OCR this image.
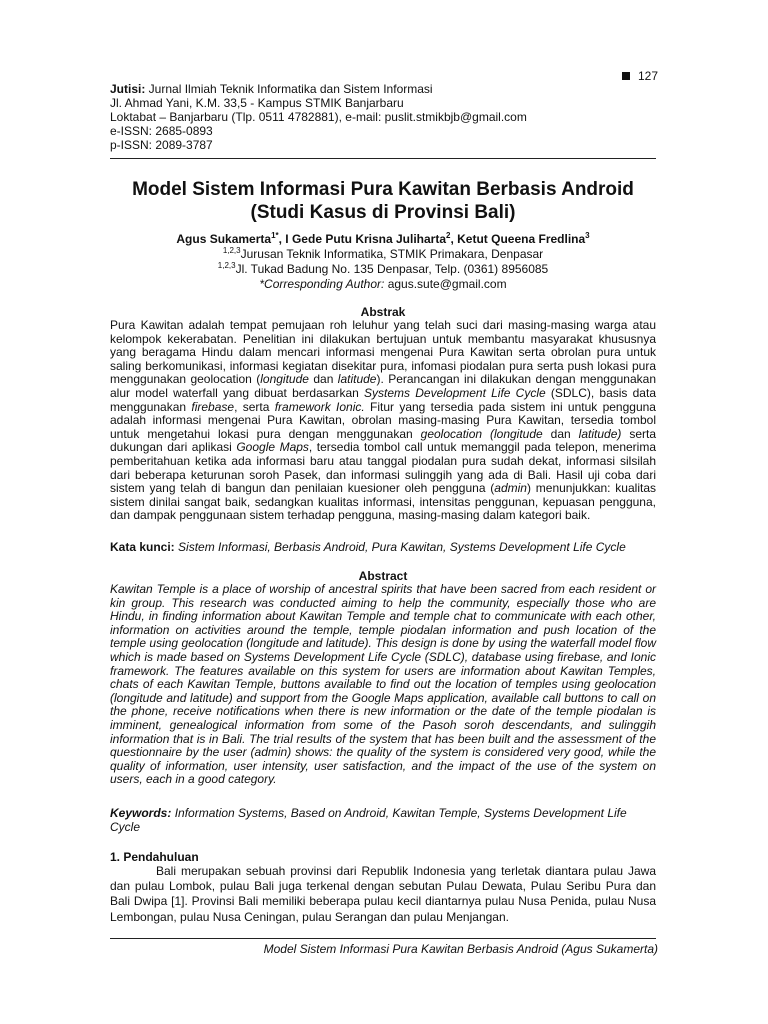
127
Jutisi: Jurnal Ilmiah Teknik Informatika dan Sistem Informasi
Jl. Ahmad Yani, K.M. 33,5 - Kampus STMIK Banjarbaru
Loktabat – Banjarbaru (Tlp. 0511 4782881), e-mail: puslit.stmikbjb@gmail.com
e-ISSN: 2685-0893
p-ISSN: 2089-3787
Model Sistem Informasi Pura Kawitan Berbasis Android
(Studi Kasus di Provinsi Bali)
Agus Sukamerta$^{1*}$, I Gede Putu Krisna Juliharta$^2$, Ketut Queena Fredlina$^3$
$^{1,2,3}$Jurusan Teknik Informatika, STMIK Primakara, Denpasar
$^{1,2,3}$Jl. Tukad Badung No. 135 Denpasar, Telp. (0361) 8956085
*Corresponding Author: agus.sute@gmail.com
Abstrak
Pura Kawitan adalah tempat pemujaan roh leluhur yang telah suci dari masing-masing warga atau kelompok kekerabatan. Penelitian ini dilakukan bertujuan untuk membantu masyarakat khususnya yang beragama Hindu dalam mencari informasi mengenai Pura Kawitan serta obrolan pura untuk saling berkomunikasi, informasi kegiatan disekitar pura, infomasi piodalan pura serta push lokasi pura menggunakan geolocation (longitude dan latitude). Perancangan ini dilakukan dengan menggunakan alur model waterfall yang dibuat berdasarkan Systems Development Life Cycle (SDLC), basis data menggunakan firebase, serta framework Ionic. Fitur yang tersedia pada sistem ini untuk pengguna adalah informasi mengenai Pura Kawitan, obrolan masing-masing Pura Kawitan, tersedia tombol untuk mengetahui lokasi pura dengan menggunakan geolocation (longitude dan latitude) serta dukungan dari aplikasi Google Maps, tersedia tombol call untuk memanggil pada telepon, menerima pemberitahuan ketika ada informasi baru atau tanggal piodalan pura sudah dekat, informasi silsilah dari beberapa keturunan soroh Pasek, dan informasi sulinggih yang ada di Bali. Hasil uji coba dari sistem yang telah di bangun dan penilaian kuesioner oleh pengguna (admin) menunjukkan: kualitas sistem dinilai sangat baik, sedangkan kualitas informasi, intensitas penggunan, kepuasan pengguna, dan dampak penggunaan sistem terhadap pengguna, masing-masing dalam kategori baik.
Kata kunci: Sistem Informasi, Berbasis Android, Pura Kawitan, Systems Development Life Cycle
Abstract
Kawitan Temple is a place of worship of ancestral spirits that have been sacred from each resident or kin group. This research was conducted aiming to help the community, especially those who are Hindu, in finding information about Kawitan Temple and temple chat to communicate with each other, information on activities around the temple, temple piodalan information and push location of the temple using geolocation (longitude and latitude). This design is done by using the waterfall model flow which is made based on Systems Development Life Cycle (SDLC), database using firebase, and Ionic framework. The features available on this system for users are information about Kawitan Temples, chats of each Kawitan Temple, buttons available to find out the location of temples using geolocation (longitude and latitude) and support from the Google Maps application, available call buttons to call on the phone, receive notifications when there is new information or the date of the temple piodalan is imminent, genealogical information from some of the Pasoh soroh descendants, and sulinggih information that is in Bali. The trial results of the system that has been built and the assessment of the questionnaire by the user (admin) shows: the quality of the system is considered very good, while the quality of information, user intensity, user satisfaction, and the impact of the use of the system on users, each in a good category.
Keywords: Information Systems, Based on Android, Kawitan Temple, Systems Development Life Cycle
1. Pendahuluan
Bali merupakan sebuah provinsi dari Republik Indonesia yang terletak diantara pulau Jawa dan pulau Lombok, pulau Bali juga terkenal dengan sebutan Pulau Dewata, Pulau Seribu Pura dan Bali Dwipa [1]. Provinsi Bali memiliki beberapa pulau kecil diantarnya pulau Nusa Penida, pulau Nusa Lembongan, pulau Nusa Ceningan, pulau Serangan dan pulau Menjangan.
Model Sistem Informasi Pura Kawitan Berbasis Android (Agus Sukamerta)
